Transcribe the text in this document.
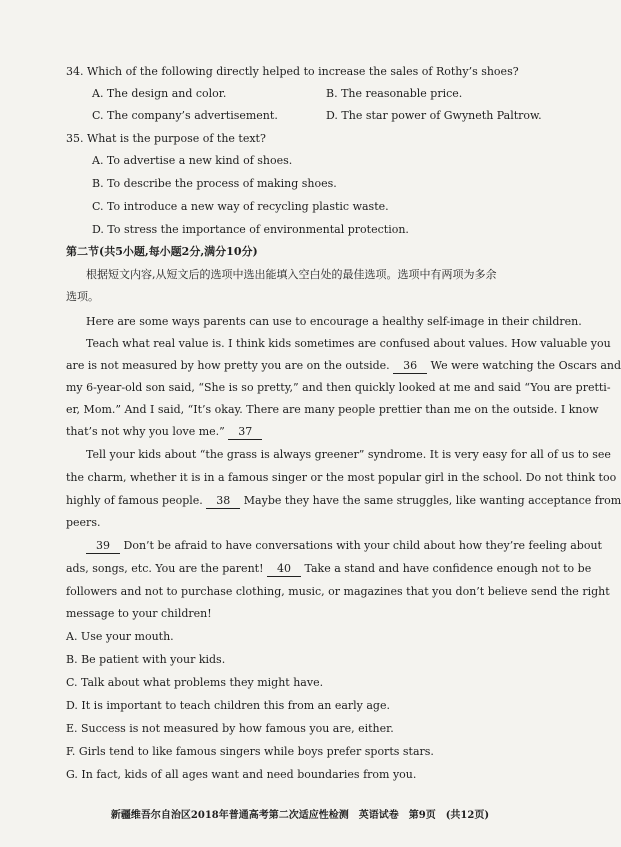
34. Which of the following directly helped to increase the sales of Rothy’s shoes?
A. The design and color.	B. The reasonable price.
C. The company’s advertisement.	D. The star power of Gwyneth Paltrow.
35. What is the purpose of the text?
A. To advertise a new kind of shoes.
B. To describe the process of making shoes.
C. To introduce a new way of recycling plastic waste.
D. To stress the importance of environmental protection.
第二节(共5小题,每小题2分,满分10分)
根据短文内容,从短文后的选项中选出能填入空白处的最佳选项。选项中有两项为多余
选项。
Here are some ways parents can use to encourage a healthy self-image in their children.
Teach what real value is. I think kids sometimes are confused about values. How valuable you
are is not measured by how pretty you are on the outside. 36 We were watching the Oscars and
my 6-year-old son said, “She is so pretty,” and then quickly looked at me and said “You are pretti-
er, Mom.” And I said, “It’s okay. There are many people prettier than me on the outside. I know
that’s not why you love me.” 37
Tell your kids about “the grass is always greener” syndrome. It is very easy for all of us to see
the charm, whether it is in a famous singer or the most popular girl in the school. Do not think too
highly of famous people. 38 Maybe they have the same struggles, like wanting acceptance from
peers.
39 Don’t be afraid to have conversations with your child about how they’re feeling about
ads, songs, etc. You are the parent! 40 Take a stand and have confidence enough not to be
followers and not to purchase clothing, music, or magazines that you don’t believe send the right
message to your children!
A. Use your mouth.
B. Be patient with your kids.
C. Talk about what problems they might have.
D. It is important to teach children this from an early age.
E. Success is not measured by how famous you are, either.
F. Girls tend to like famous singers while boys prefer sports stars.
G. In fact, kids of all ages want and need boundaries from you.
新疆维吾尔自治区2018年普通高考第二次适应性检测　英语试卷　第9页　(共12页)
